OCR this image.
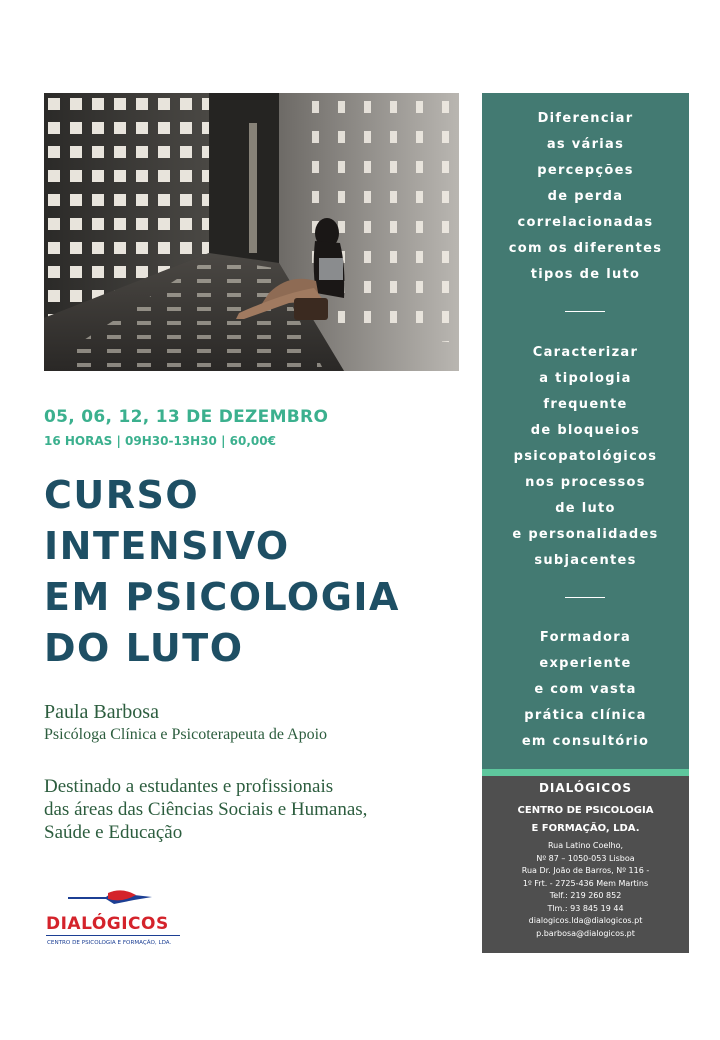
05, 06, 12, 13 DE DEZEMBRO
16 HORAS | 09H30-13H30 | 60,00€
CURSO
INTENSIVO
EM PSICOLOGIA
DO LUTO
Paula Barbosa
Psicóloga Clínica e Psicoterapeuta de Apoio
Destinado a estudantes e profissionais
das áreas das Ciências Sociais e Humanas,
Saúde e Educação
DIALÓGICOS
CENTRO DE PSICOLOGIA E FORMAÇÃO, LDA.
Diferenciar
as várias
percepções
de perda
correlacionadas
com os diferentes
tipos de luto
Caracterizar
a tipologia
frequente
de bloqueios
psicopatológicos
nos processos
de luto
e personalidades
subjacentes
Formadora
experiente
e com vasta
prática clínica
em consultório
DIALÓGICOS
CENTRO DE PSICOLOGIA
E FORMAÇÃO, LDA.
Rua Latino Coelho,
Nº 87 – 1050-053 Lisboa
Rua Dr. João de Barros, Nº 116 -
1º Frt. - 2725-436 Mem Martins
Telf.: 219 260 852
Tlm.: 93 845 19 44
dialogicos.lda@dialogicos.pt
p.barbosa@dialogicos.pt
